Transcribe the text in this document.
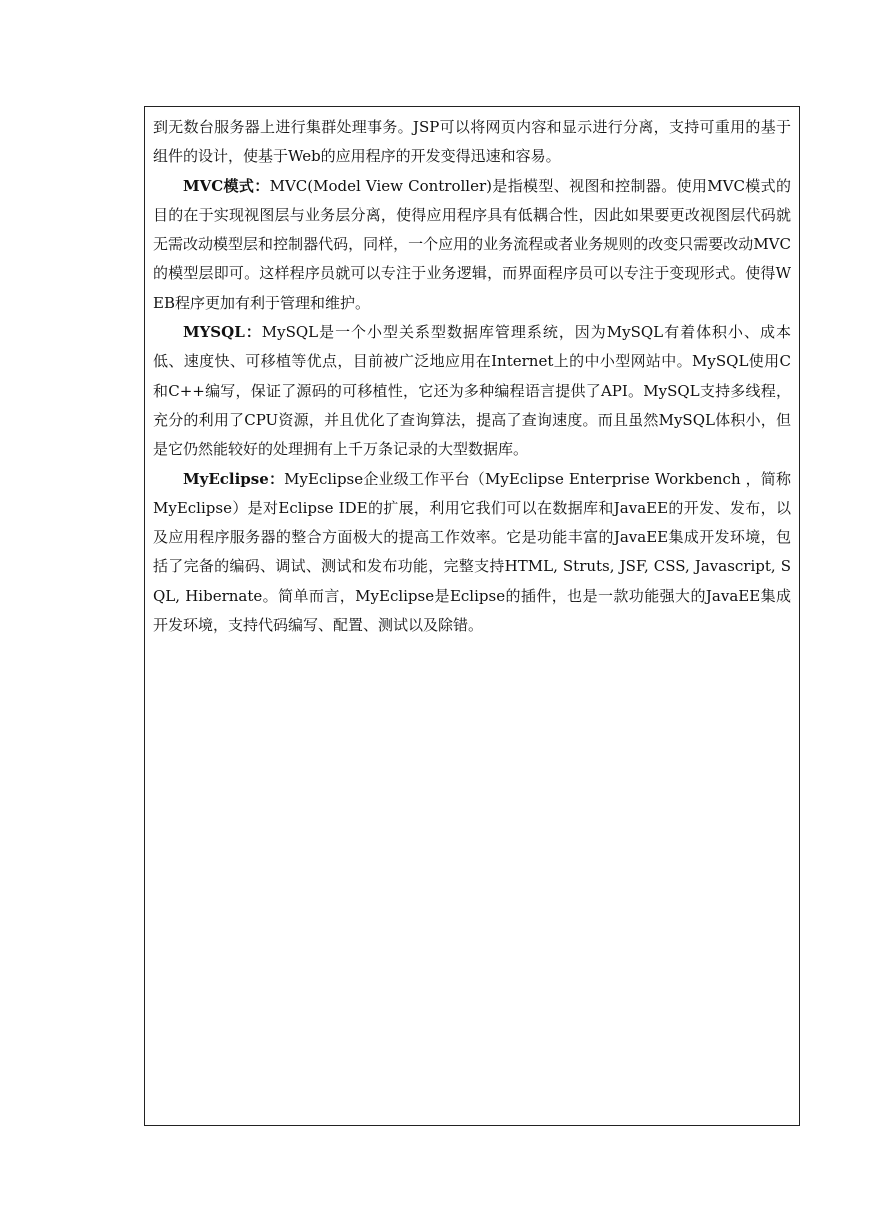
到无数台服务器上进行集群处理事务。JSP可以将网页内容和显示进行分离，支持可重用的基于组件的设计，使基于Web的应用程序的开发变得迅速和容易。

MVC模式：MVC(Model View Controller)是指模型、视图和控制器。使用MVC模式的目的在于实现视图层与业务层分离，使得应用程序具有低耦合性，因此如果要更改视图层代码就无需改动模型层和控制器代码，同样，一个应用的业务流程或者业务规则的改变只需要改动MVC的模型层即可。这样程序员就可以专注于业务逻辑，而界面程序员可以专注于变现形式。使得WEB程序更加有利于管理和维护。

MYSQL：MySQL是一个小型关系型数据库管理系统，因为MySQL有着体积小、成本低、速度快、可移植等优点，目前被广泛地应用在Internet上的中小型网站中。MySQL使用C和C++编写，保证了源码的可移植性，它还为多种编程语言提供了API。MySQL支持多线程，充分的利用了CPU资源，并且优化了查询算法，提高了查询速度。而且虽然MySQL体积小，但是它仍然能较好的处理拥有上千万条记录的大型数据库。

MyEclipse：MyEclipse企业级工作平台（MyEclipse Enterprise Workbench ，简称MyEclipse）是对Eclipse IDE的扩展，利用它我们可以在数据库和JavaEE的开发、发布，以及应用程序服务器的整合方面极大的提高工作效率。它是功能丰富的JavaEE集成开发环境，包括了完备的编码、调试、测试和发布功能，完整支持HTML, Struts, JSF, CSS, Javascript, SQL, Hibernate。简单而言，MyEclipse是Eclipse的插件，也是一款功能强大的JavaEE集成开发环境，支持代码编写、配置、测试以及除错。
